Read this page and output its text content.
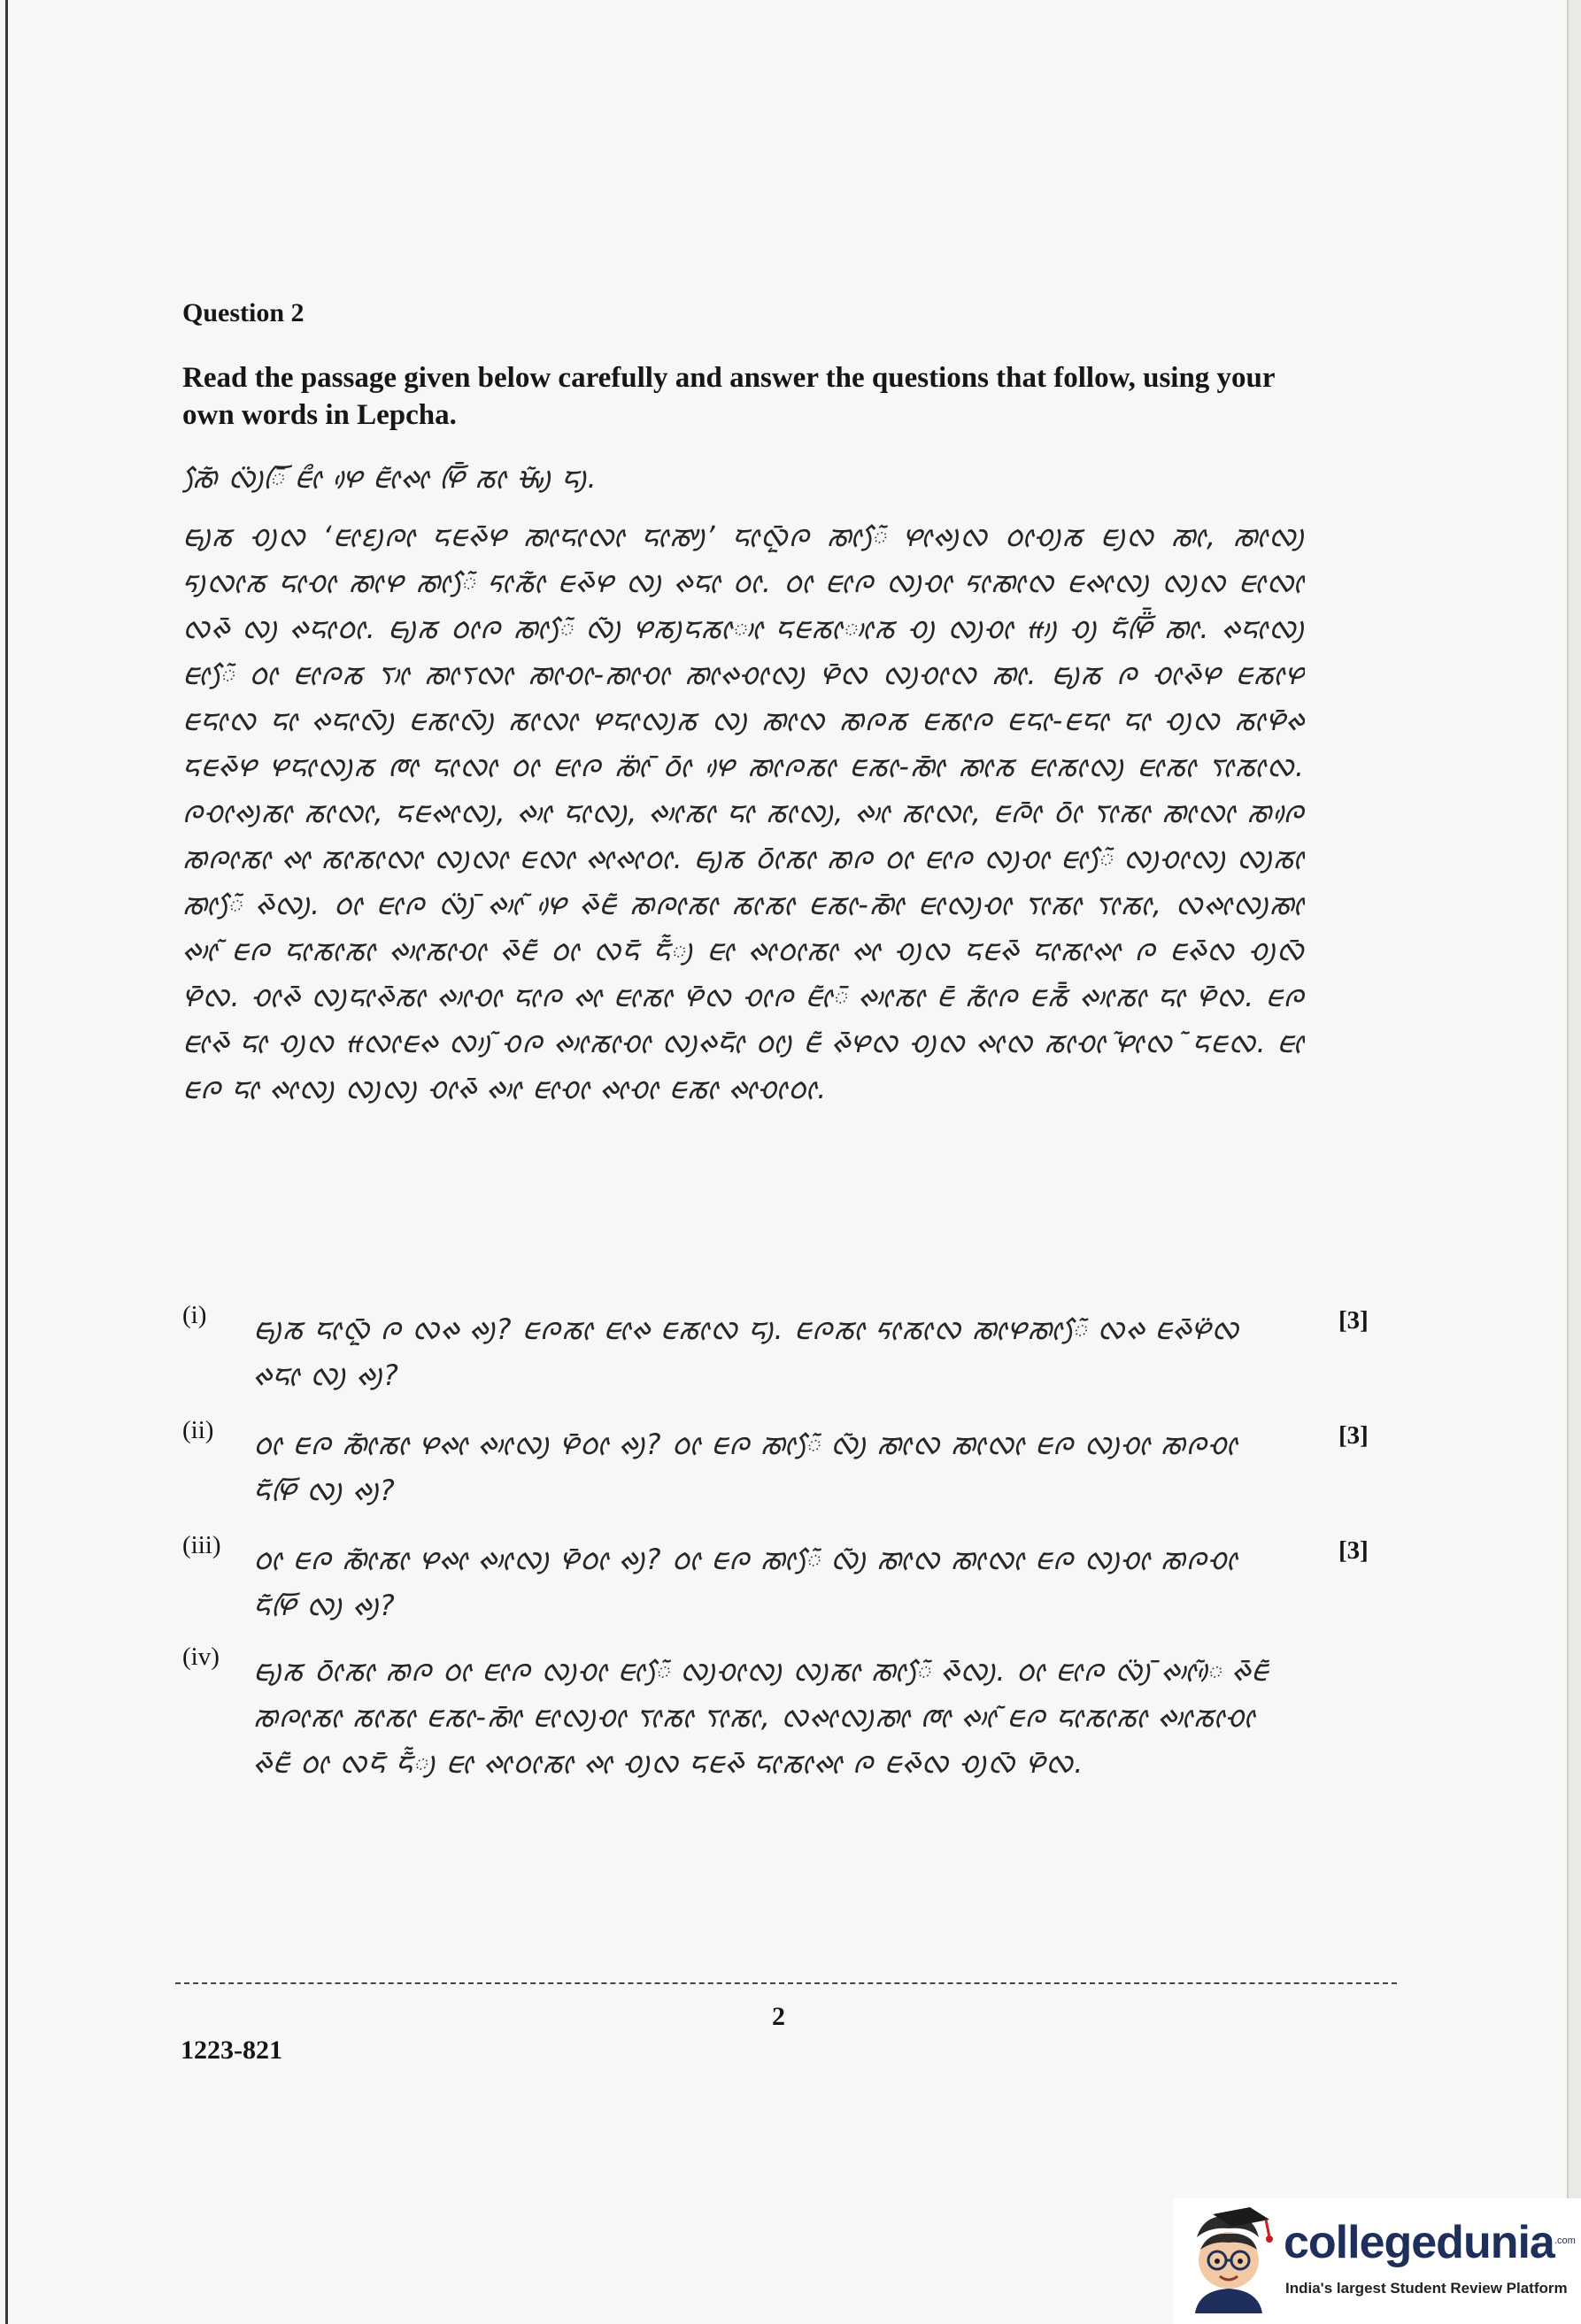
Question 2
Read the passage given below carefully and answer the questions that follow, using your own words in Lepcha.
ᰕᰥᰧᰶ ᰜᰪᰮᰩᰳ ᰀᰦᰰ ᰋᰴ ᰀᰦᰶᰊᰦ ᰋᰩᰳ ᰕᰦ ᰝᰤᰪᰶ ᰏᰪ.
ᰀᰥᰪᰕ ᰆᰪᰜ ‘ᰀᰦᰚᰪᰍᰦ ᰏᰀᰊᰳᰋ ᰕᰥᰦᰏᰦᰜᰦ ᰏᰦᰕᰤᰪ’ ᰏᰦᰜᰬᰳᰍ ᰕᰥᰦᰧᰶ ᰋᰦᰊᰪᰜ ᰓᰦᰆᰪᰕ ᰀᰪᰜ ᰕᰥᰦ, ᰕᰥᰦᰜᰪ ᰁᰪᰜᰦᰕ ᰏᰦᰆᰦ ᰕᰥᰦᰋ ᰕᰥᰦᰧᰶ ᰁᰦᰕᰦᰶ ᰀᰊᰳᰋ ᰜᰪ ᰊᰏᰦ ᰓᰦ. ᰓᰦ ᰀᰦᰍ ᰜᰪᰆᰦ ᰁᰦᰕᰥᰦᰜ ᰀᰊᰦᰜᰪ ᰜᰪᰜ ᰀᰦᰜᰦ ᰜᰊᰳ ᰜᰪ ᰊᰏᰦᰓᰦ. ᰀᰥᰪᰕ ᰓᰦᰍ ᰕᰥᰦᰧᰶ ᰜᰪᰶ ᰋᰕᰪᰏᰕᰦᰥᰦ ᰏᰀᰕᰦᰥᰦᰕ ᰆᰪ ᰜᰪᰆᰦ ᰙᰥᰪ ᰆᰪ ᰏᰶᰋᰩᰮᰳ ᰕᰥᰦ. ᰊᰏᰦᰜᰪ ᰀᰦᰧᰶ ᰓᰦ ᰀᰦᰍᰕ ᰛᰥᰦ ᰕᰥᰦᰛᰜᰦ ᰕᰥᰦᰆᰦ-ᰕᰥᰦᰆᰦ ᰕᰥᰦᰊᰆᰦᰜᰪ ᰋᰳᰜ ᰜᰪᰆᰦᰜ ᰕᰥᰦ. ᰀᰥᰪᰕ ᰍ ᰆᰦᰊᰳᰋ ᰀᰕᰦᰋ ᰀᰏᰦᰜ ᰏᰦ ᰊᰏᰦᰜᰪᰳ ᰀᰕᰦᰜᰪᰳ ᰕᰦᰜᰦ ᰋᰏᰦᰜᰪᰕ ᰜᰪ ᰕᰥᰦᰜ ᰕᰥᰍᰕ ᰀᰕᰦᰍ ᰀᰏᰦ-ᰀᰏᰦ ᰏᰦ ᰆᰪᰜ ᰕᰦᰋᰳᰊ ᰏᰀᰊᰳᰋ ᰋᰏᰦᰜᰪᰕ ᰈᰦ ᰏᰦᰜᰦ ᰓᰦ ᰀᰦᰍ ᰕᰥᰦᰮᰳ ᰓᰦᰳ ᰋᰴ ᰕᰥᰦᰍᰕᰦ ᰀᰕᰦ-ᰕᰥᰦᰳ ᰕᰥᰦᰕ ᰀᰦᰕᰦᰜᰪ ᰀᰦᰕᰦ ᰛᰦᰕᰦᰜ. ᰍᰆᰦᰊᰪᰕᰦ ᰕᰦᰜᰦ, ᰏᰀᰊᰦᰜᰪ, ᰊᰥᰦ ᰏᰦᰜᰪ, ᰊᰥᰦᰕᰦ ᰏᰦ ᰕᰦᰜᰪ, ᰊᰥᰦ ᰕᰦᰜᰦ, ᰀᰍᰦᰳ ᰓᰦᰳ ᰛᰦᰕᰦ ᰕᰥᰦᰜᰦ ᰕᰥᰍᰴ ᰕᰥᰍᰦᰕᰦ ᰊᰦ ᰕᰦᰕᰦᰜᰦ ᰜᰪᰜᰦ ᰀᰜᰦ ᰊᰦᰊᰦᰓᰦ. ᰀᰥᰪᰕ ᰓᰦᰳᰕᰦ ᰕᰥᰍ ᰓᰦ ᰀᰦᰍ ᰜᰪᰆᰦ ᰀᰦᰧᰶ ᰜᰪᰆᰦᰜᰪ ᰜᰪᰕᰦ ᰕᰥᰦᰧᰶ ᰊᰳᰜᰪ. ᰓᰦ ᰀᰦᰍ ᰜᰪᰮᰳ ᰊᰥᰦᰶ ᰋᰴ ᰊᰳᰀᰶ ᰕᰥᰍᰦᰕᰦ ᰕᰦᰕᰦ ᰀᰕᰦ-ᰕᰥᰦᰳ ᰀᰦᰜᰪᰆᰦ ᰛᰦᰕᰦ ᰛᰦᰕᰦ, ᰜᰊᰦᰜᰪᰕᰥᰦ ᰊᰥᰦᰶ ᰀᰍ ᰏᰦᰕᰦᰕᰦ ᰊᰥᰦᰕᰦᰆᰦ ᰊᰳᰀᰶ ᰓᰦ ᰜᰏᰳ ᰏᰶᰶᰪ ᰀᰦ ᰊᰦᰓᰦᰕᰦ ᰊᰦ ᰆᰪᰜ ᰏᰀᰊᰳ ᰏᰦᰕᰦᰊᰦ ᰍ ᰀᰊᰳᰜ ᰆᰪᰜᰳ ᰋᰳᰜ. ᰆᰦᰊᰳ ᰜᰪᰏᰦᰊᰳᰕᰦ ᰊᰥᰦᰆᰦ ᰏᰦᰍ ᰊᰦ ᰀᰦᰕᰦ ᰋᰳᰜ ᰆᰦᰍ ᰀᰦᰶᰳᰳ ᰊᰥᰦᰕᰦ ᰀᰳ ᰕᰦᰶᰍ ᰀᰕᰳᰳ ᰊᰥᰦᰕᰦ ᰏᰦ ᰋᰳᰜ. ᰀᰍ ᰀᰦᰊᰳ ᰏᰦ ᰆᰪᰜ ᰙᰜᰦᰀᰊ ᰜᰥᰪᰶ ᰆᰍ ᰊᰥᰦᰕᰦᰆᰦ ᰜᰪᰊᰏᰦᰳ ᰓᰦᰪ ᰀᰶ ᰊᰳᰋᰜ ᰆᰪᰜ ᰊᰦᰜ ᰕᰦᰆᰦ ᰶᰋᰦᰜ ᰶ ᰏᰀᰜ. ᰀᰦ ᰀᰍ ᰏᰦ ᰊᰦᰜᰪ ᰜᰪᰜᰪ ᰆᰦᰊᰳ ᰊᰥᰦ ᰀᰦᰆᰦ ᰊᰦᰆᰦ ᰀᰕᰦ ᰊᰦᰆᰦᰓᰦ.
(i) ᰀᰥᰪᰕ ᰏᰦᰜᰬᰳ ᰍ ᰜᰊ ᰊᰪ? ᰀᰍᰕᰦ ᰀᰦᰊ ᰀᰕᰦᰜ ᰏᰪ. ᰀᰍᰕᰦ ᰁᰦᰕᰦᰜ ᰕᰥᰦᰋᰕᰥᰦᰧᰶ ᰜᰊ ᰀᰊᰳᰋᰮᰜ ᰊᰏᰦ ᰜᰪ ᰊᰪ?
[3]
(ii) ᰓᰦ ᰀᰍ ᰕᰥᰦᰶᰕᰦ ᰋᰊᰦ ᰊᰥᰦᰜᰪ ᰋᰳᰓᰦ ᰊᰪ? ᰓᰦ ᰀᰍ ᰕᰥᰦᰧᰶ ᰜᰪᰶ ᰕᰥᰦᰜ ᰕᰥᰦᰜᰦ ᰀᰍ ᰜᰪᰆᰦ ᰕᰥᰍᰆᰦ ᰏᰶᰋᰩ ᰜᰪ ᰊᰪ?
[3]
(iii) ᰓᰦ ᰀᰍ ᰕᰥᰦᰶᰕᰦ ᰋᰊᰦ ᰊᰥᰦᰜᰪ ᰋᰳᰓᰦ ᰊᰪ? ᰓᰦ ᰀᰍ ᰕᰥᰦᰧᰶ ᰜᰪᰶ ᰕᰥᰦᰜ ᰕᰥᰦᰜᰦ ᰀᰍ ᰜᰪᰆᰦ ᰕᰥᰍᰆᰦ ᰏᰶᰋᰩ ᰜᰪ ᰊᰪ?
[3]
(iv) ᰀᰥᰪᰕ ᰓᰦᰳᰕᰦ ᰕᰥᰍ ᰓᰦ ᰀᰦᰍ ᰜᰪᰆᰦ ᰀᰦᰧᰶ ᰜᰪᰆᰦᰜᰪ ᰜᰪᰕᰦ ᰕᰥᰦᰧᰶ ᰊᰳᰜᰪ. ᰓᰦ ᰀᰦᰍ ᰜᰪᰮᰳ ᰊᰥᰦᰶᰴ ᰊᰳᰀᰶ ᰕᰥᰍᰦᰕᰦ ᰕᰦᰕᰦ ᰀᰕᰦ-ᰕᰥᰦᰳ ᰀᰦᰜᰪᰆᰦ ᰛᰦᰕᰦ ᰛᰦᰕᰦ, ᰜᰊᰦᰜᰪᰕᰥᰦ ᰈᰦ ᰊᰥᰦᰶ ᰀᰍ ᰏᰦᰕᰦᰕᰦ ᰊᰥᰦᰕᰦᰆᰦ ᰊᰳᰀᰶ ᰓᰦ ᰜᰏᰳ ᰏᰶᰶᰪ ᰀᰦ ᰊᰦᰓᰦᰕᰦ ᰊᰦ ᰆᰪᰜ ᰏᰀᰊᰳ ᰏᰦᰕᰦᰊᰦ ᰍ ᰀᰊᰳᰜ ᰆᰪᰜᰳ ᰋᰳᰜ.
2
1223-821
collegedunia .com
India's largest Student Review Platform
